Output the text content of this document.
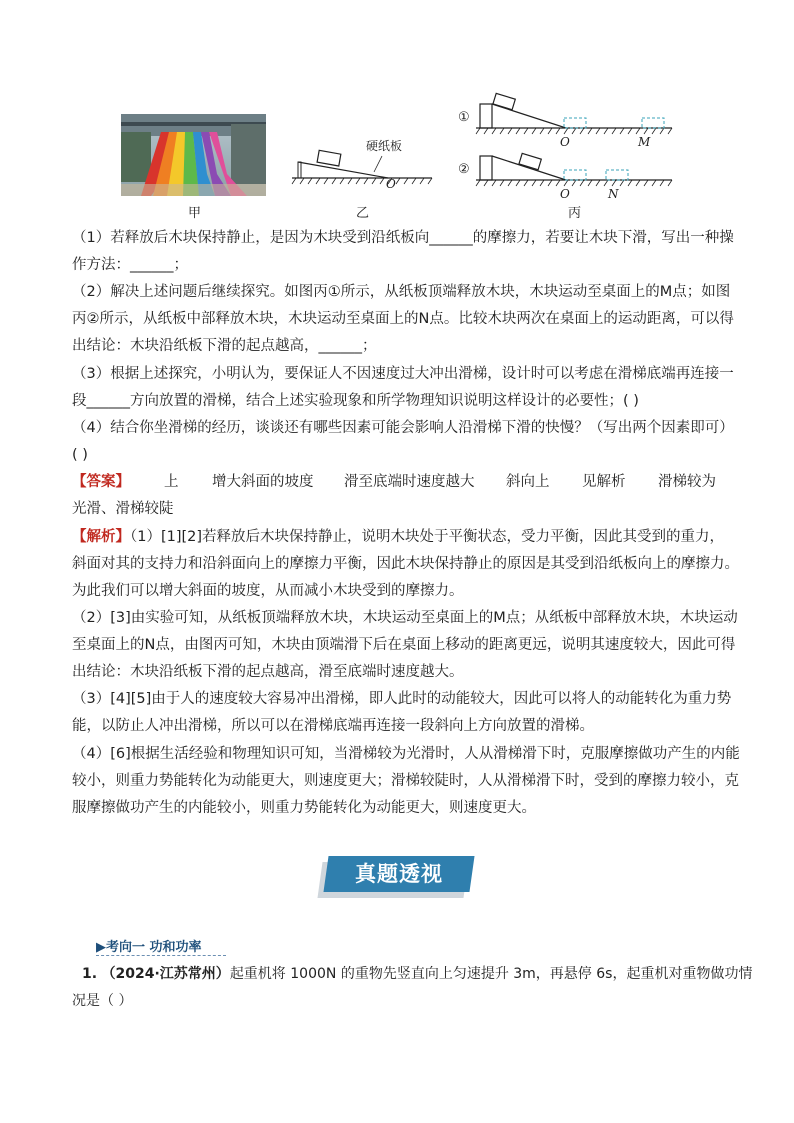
甲
硬纸板
O
乙
①
O	M
②
O	N
丙
（1）若释放后木块保持静止，是因为木块受到沿纸板向______的摩擦力，若要让木块下滑，写出一种操
作方法：______；
（2）解决上述问题后继续探究。如图丙①所示，从纸板顶端释放木块，木块运动至桌面上的M点；如图
丙②所示，从纸板中部释放木块，木块运动至桌面上的N点。比较木块两次在桌面上的运动距离，可以得
出结论：木块沿纸板下滑的起点越高，______；
（3）根据上述探究，小明认为，要保证人不因速度过大冲出滑梯，设计时可以考虑在滑梯底端再连接一
段______方向放置的滑梯，结合上述实验现象和所学物理知识说明这样设计的必要性；( )
（4）结合你坐滑梯的经历，谈谈还有哪些因素可能会影响人沿滑梯下滑的快慢？（写出两个因素即可）
( )
【答案】 上 增大斜面的坡度 滑至底端时速度越大 斜向上 见解析 滑梯较为
光滑、滑梯较陡
【解析】（1）[1][2]若释放后木块保持静止，说明木块处于平衡状态，受力平衡，因此其受到的重力，
斜面对其的支持力和沿斜面向上的摩擦力平衡，因此木块保持静止的原因是其受到沿纸板向上的摩擦力。
为此我们可以增大斜面的坡度，从而减小木块受到的摩擦力。
（2）[3]由实验可知，从纸板顶端释放木块，木块运动至桌面上的M点；从纸板中部释放木块，木块运动
至桌面上的N点，由图丙可知，木块由顶端滑下后在桌面上移动的距离更远，说明其速度较大，因此可得
出结论：木块沿纸板下滑的起点越高，滑至底端时速度越大。
（3）[4][5]由于人的速度较大容易冲出滑梯，即人此时的动能较大，因此可以将人的动能转化为重力势
能，以防止人冲出滑梯，所以可以在滑梯底端再连接一段斜向上方向放置的滑梯。
（4）[6]根据生活经验和物理知识可知，当滑梯较为光滑时，人从滑梯滑下时，克服摩擦做功产生的内能
较小，则重力势能转化为动能更大，则速度更大；滑梯较陡时，人从滑梯滑下时，受到的摩擦力较小，克
服摩擦做功产生的内能较小，则重力势能转化为动能更大，则速度更大。
真题透视
▶考向一 功和功率
1. （2024·江苏常州）起重机将 1000N 的重物先竖直向上匀速提升 3m，再悬停 6s，起重机对重物做功情
况是（ ）
